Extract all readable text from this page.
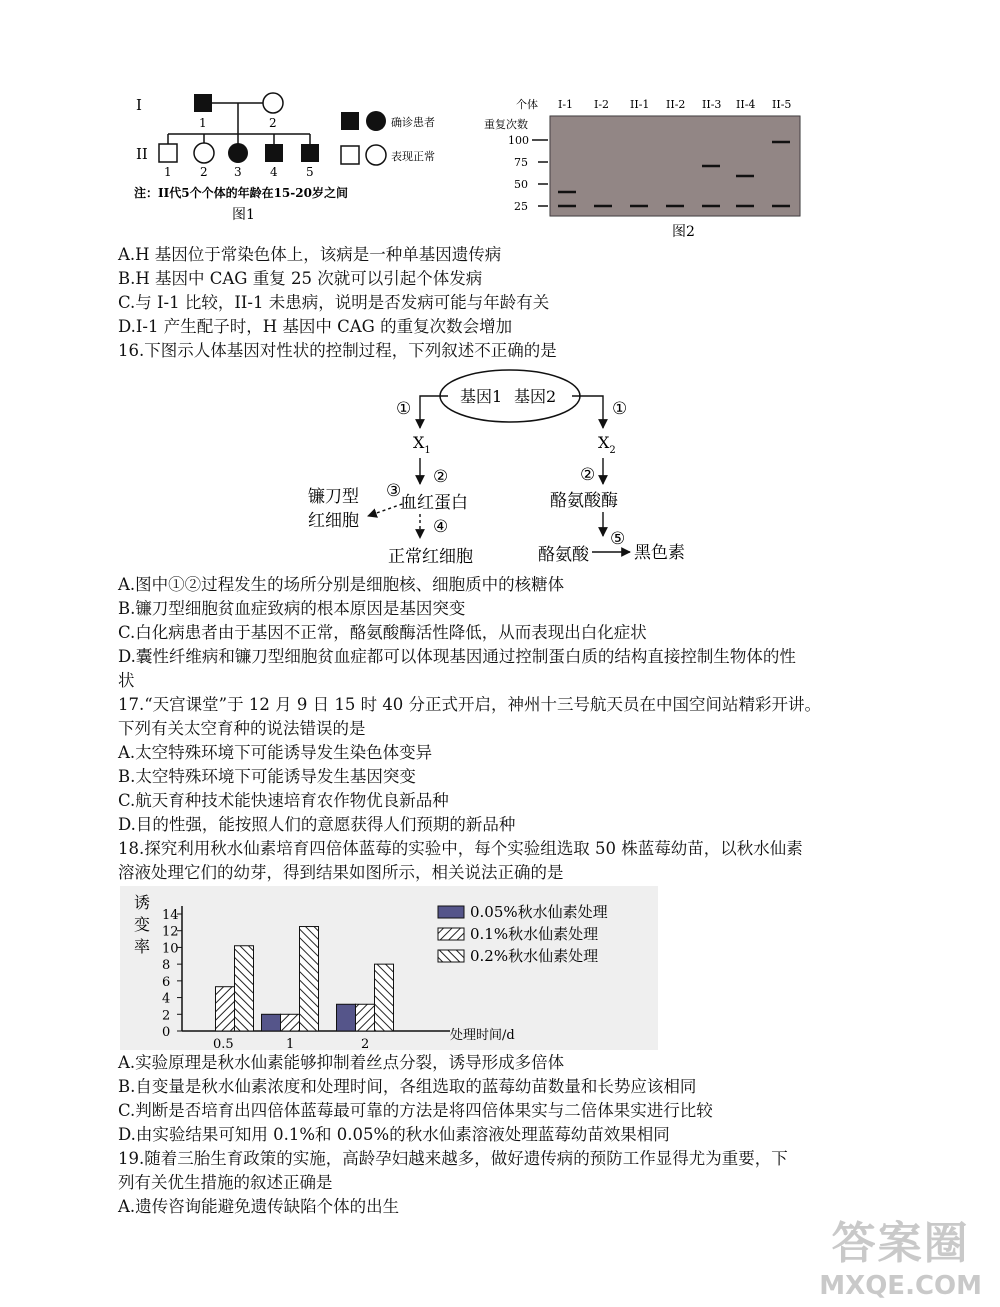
I
II
1	2
1 2 3 4 5
确诊患者
表现正常
注：II代5个个体的年龄在15-20岁之间
图1
个体 I-1 I-2 II-1 II-2 II-3 II-4 II-5
重复次数
100
75
50
25
图2
A.H 基因位于常染色体上，该病是一种单基因遗传病
B.H 基因中 CAG 重复 25 次就可以引起个体发病
C.与 I-1 比较，II-1 未患病，说明是否发病可能与年龄有关
D.I-1 产生配子时，H 基因中 CAG 的重复次数会增加
16.下图示人体基因对性状的控制过程，下列叙述不正确的是
基因1 基因2
①
$X_1$
②
血红蛋白
③
镰刀型
红细胞	④
正常红细胞
①
$X_2$
②
酪氨酸酶
酪氨酸
⑤
黑色素
A.图中①②过程发生的场所分别是细胞核、细胞质中的核糖体
B.镰刀型细胞贫血症致病的根本原因是基因突变
C.白化病患者由于基因不正常，酪氨酸酶活性降低，从而表现出白化症状
D.囊性纤维病和镰刀型细胞贫血症都可以体现基因通过控制蛋白质的结构直接控制生物体的性
状
17.“天宫课堂”于 12 月 9 日 15 时 40 分正式开启，神州十三号航天员在中国空间站精彩开讲。
下列有关太空育种的说法错误的是
A.太空特殊环境下可能诱导发生染色体变异
B.太空特殊环境下可能诱导发生基因突变
C.航天育种技术能快速培育农作物优良新品种
D.目的性强，能按照人们的意愿获得人们预期的新品种
18.探究利用秋水仙素培育四倍体蓝莓的实验中，每个实验组选取 50 株蓝莓幼苗，以秋水仙素
溶液处理它们的幼芽，得到结果如图所示，相关说法正确的是
诱
变
率
0
2
4
6
8
10
12
14
0.5	1	2
处理时间/d
0.05%秋水仙素处理
0.1%秋水仙素处理
0.2%秋水仙素处理
A.实验原理是秋水仙素能够抑制着丝点分裂，诱导形成多倍体
B.自变量是秋水仙素浓度和处理时间，各组选取的蓝莓幼苗数量和长势应该相同
C.判断是否培育出四倍体蓝莓最可靠的方法是将四倍体果实与二倍体果实进行比较
D.由实验结果可知用 0.1%和 0.05%的秋水仙素溶液处理蓝莓幼苗效果相同
19.随着三胎生育政策的实施，高龄孕妇越来越多，做好遗传病的预防工作显得尤为重要，下
列有关优生措施的叙述正确是
A.遗传咨询能避免遗传缺陷个体的出生
答案圈
MXQE.COM
